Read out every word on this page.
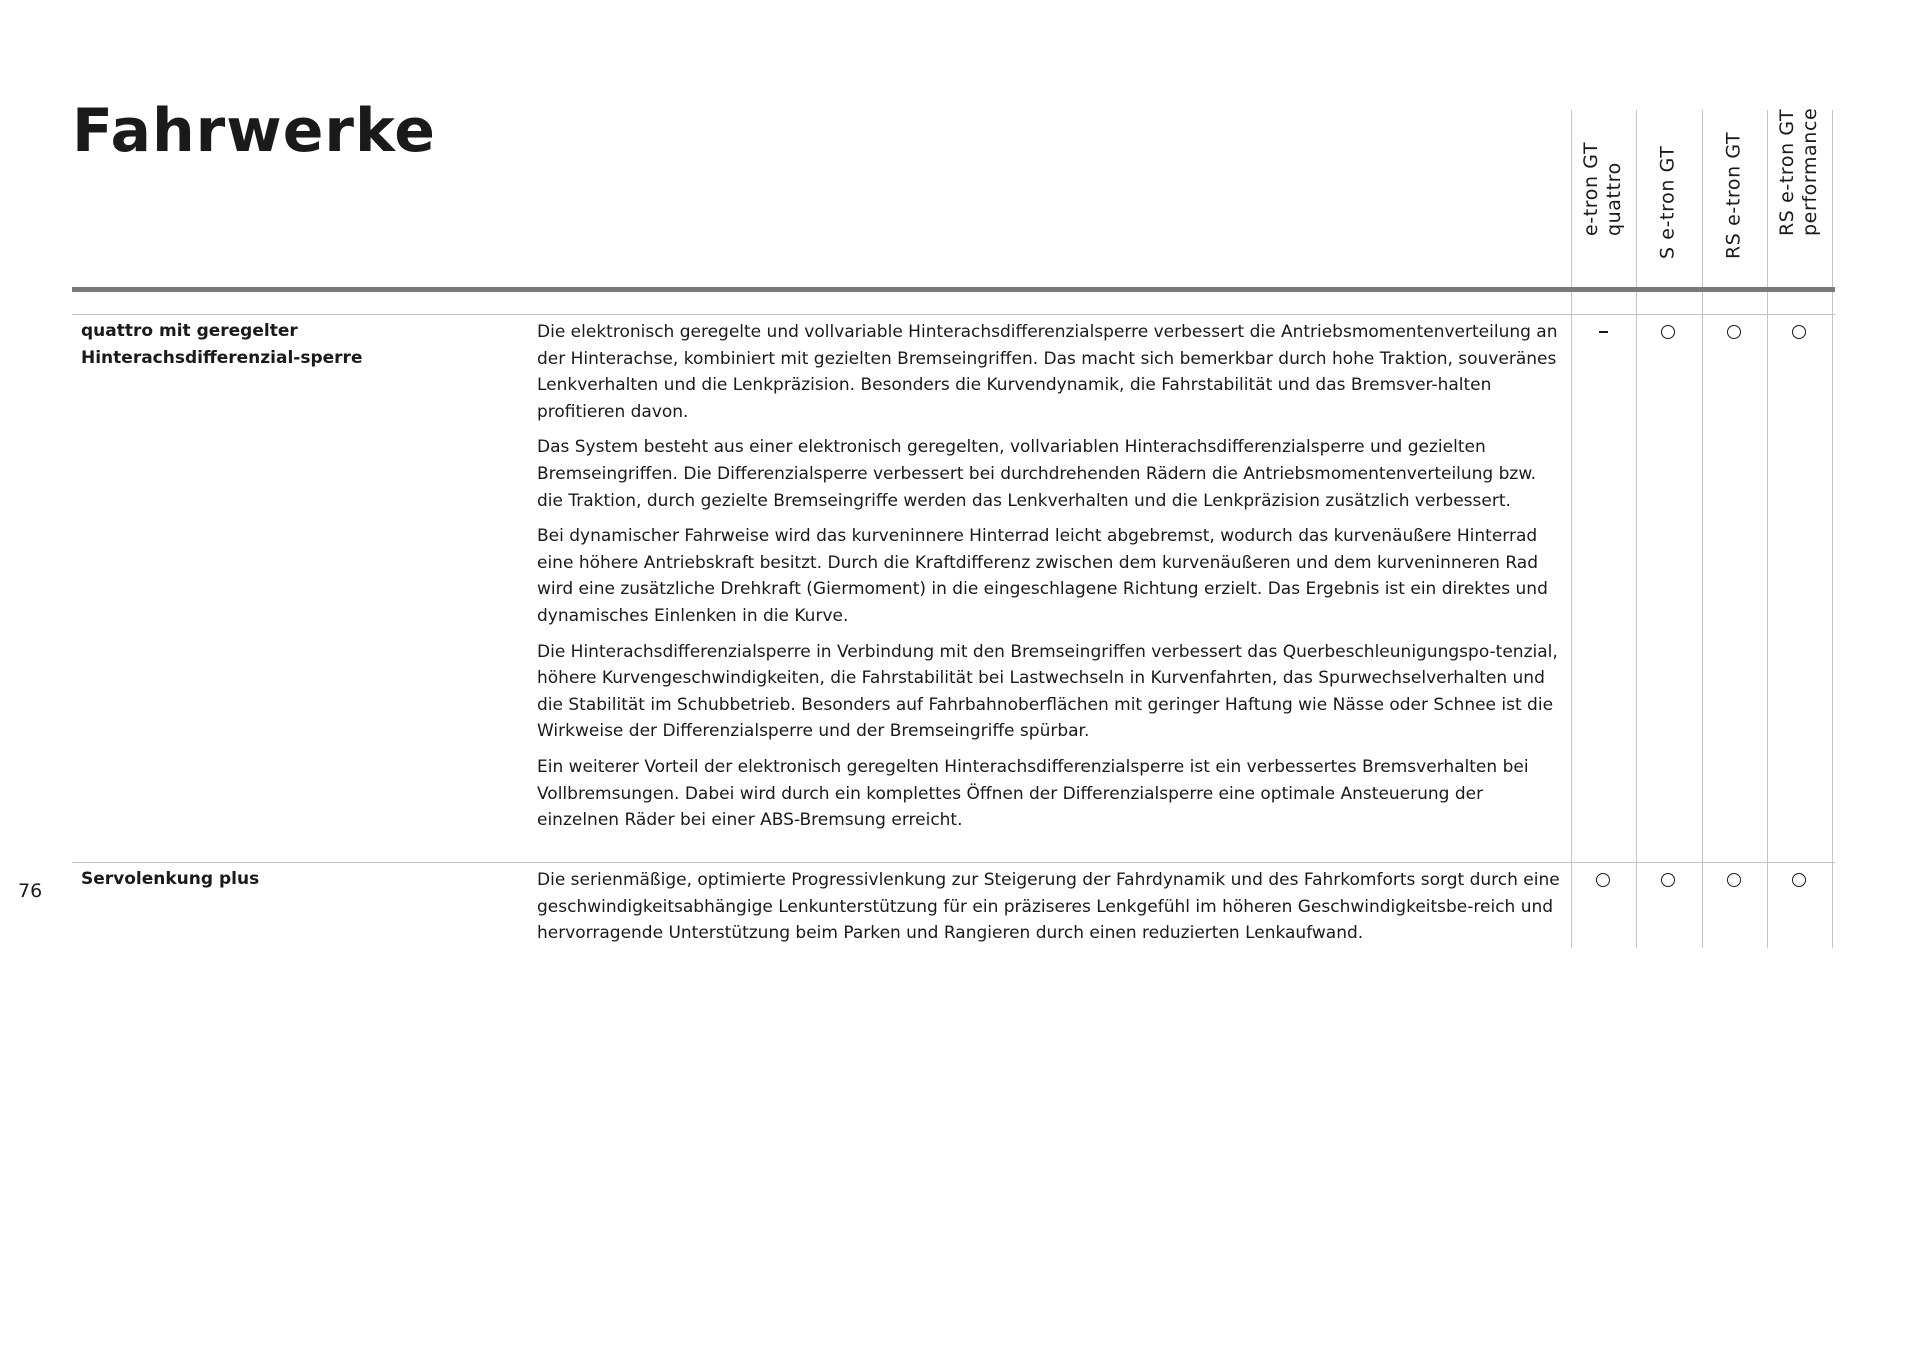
Fahrwerke
e-tron GT quattro S e-tron GT RS e-tron GT RS e-tron GT performance
quattro mit geregelter Hinterachsdifferenzial-sperre

Die elektronisch geregelte und vollvariable Hinterachsdifferenzialsperre verbessert die Antriebsmomentenverteilung an der Hinterachse, kombiniert mit gezielten Bremseingriffen. Das macht sich bemerkbar durch hohe Traktion, souveränes Lenkverhalten und die Lenkpräzision. Besonders die Kurvendynamik, die Fahrstabilität und das Bremsver-halten profitieren davon.

Das System besteht aus einer elektronisch geregelten, vollvariablen Hinterachsdifferenzialsperre und gezielten Bremseingriffen. Die Differenzialsperre verbessert bei durchdrehenden Rädern die Antriebsmomentenverteilung bzw. die Traktion, durch gezielte Bremseingriffe werden das Lenkverhalten und die Lenkpräzision zusätzlich verbessert.

Bei dynamischer Fahrweise wird das kurveninnere Hinterrad leicht abgebremst, wodurch das kurvenäußere Hinterrad eine höhere Antriebskraft besitzt. Durch die Kraftdifferenz zwischen dem kurvenäußeren und dem kurveninneren Rad wird eine zusätzliche Drehkraft (Giermoment) in die eingeschlagene Richtung erzielt. Das Ergebnis ist ein direktes und dynamisches Einlenken in die Kurve.

Die Hinterachsdifferenzialsperre in Verbindung mit den Bremseingriffen verbessert das Querbeschleunigungspo-tenzial, höhere Kurvengeschwindigkeiten, die Fahrstabilität bei Lastwechseln in Kurvenfahrten, das Spurwechselverhalten und die Stabilität im Schubbetrieb. Besonders auf Fahrbahnoberflächen mit geringer Haftung wie Nässe oder Schnee ist die Wirkweise der Differenzialsperre und der Bremseingriffe spürbar.

Ein weiterer Vorteil der elektronisch geregelten Hinterachsdifferenzialsperre ist ein verbessertes Bremsverhalten bei Vollbremsungen. Dabei wird durch ein komplettes Öffnen der Differenzialsperre eine optimale Ansteuerung der einzelnen Räder bei einer ABS-Bremsung erreicht.

76
Servolenkung plus	Die serienmäßige, optimierte Progressivlenkung zur Steigerung der Fahrdynamik und des Fahrkomforts sorgt durch eine geschwindigkeitsabhängige Lenkunterstützung für ein präziseres Lenkgefühl im höheren Geschwindigkeitsbe-reich und hervorragende Unterstützung beim Parken und Rangieren durch einen reduzierten Lenkaufwand.
